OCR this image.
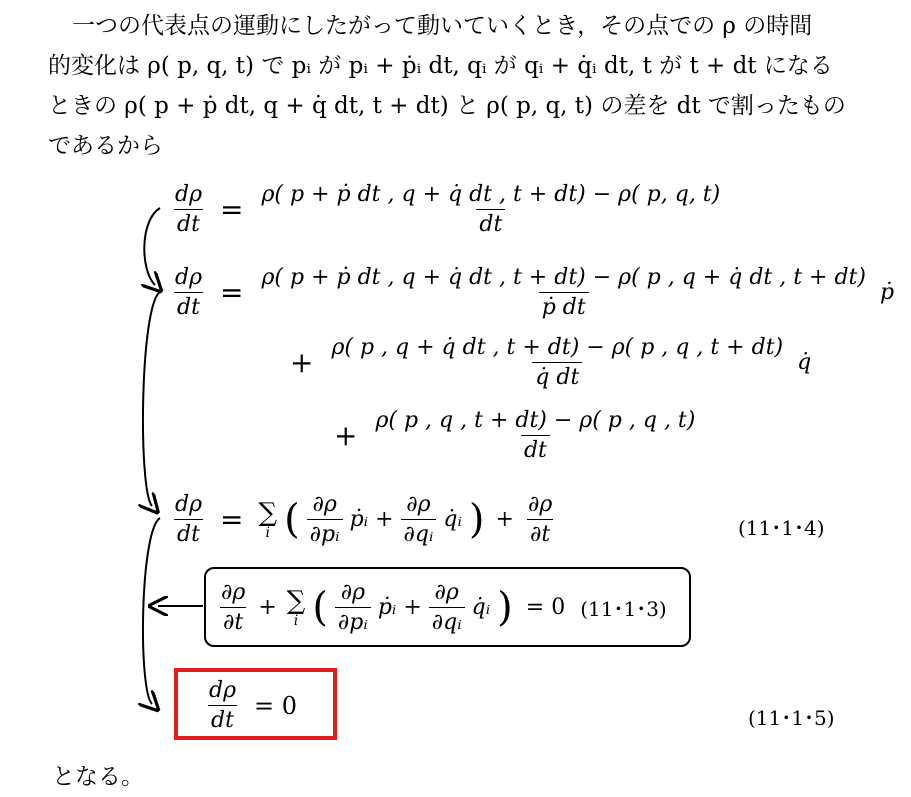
一つの代表点の運動にしたがって動いていくとき，その点での ρ の時間
的変化は ρ( p, q, t) で pᵢ が pᵢ + ṗᵢ dt, qᵢ が qᵢ + q̇ᵢ dt, t が t + dt になる
ときの ρ( p + ṗ dt, q + q̇ dt, t + dt) と ρ( p, q, t) の差を dt で割ったもの
であるから
$\frac{d\rho}{dt} = \frac{\text{ρ( p + ṗ dt , q + q̇ dt , t + dt) − ρ( p, q, t)}}{dt}$
$\frac{d\rho}{dt} = \rho$( p + ṗ dt , q + q̇ dt , t + dt) − ρ( p , q + q̇ dt , t + dt)
ṗ dt
ṗ
+ $\frac{\rho( p , q + q̇ dt , t + dt) - \rho( p , q , t + dt)}{q̇ dt}$ q̇
+ $\frac{\rho( p , q , t + dt) - \rho( p , q , t)}{dt}$
$\frac{d\rho}{dt}$ = ∑
i ( $\frac{\partial\rho}{\text{∂pᵢ}}$ ṗᵢ + $\frac{\partial\rho}{\text{∂qᵢ}}$ q̇ᵢ ) + $\frac{\partial\rho}{\partial t}$	(11･1･4)
$\frac{\partial\rho}{\partial t}$ + ∑
i ( $\frac{\partial\rho}{\text{∂pᵢ}}$ ṗᵢ + $\frac{\partial\rho}{\text{∂qᵢ}}$ q̇ᵢ ) = 0 (11･1･3)
$\frac{d\rho}{dt} = 0$	(11･1･5)
となる。
